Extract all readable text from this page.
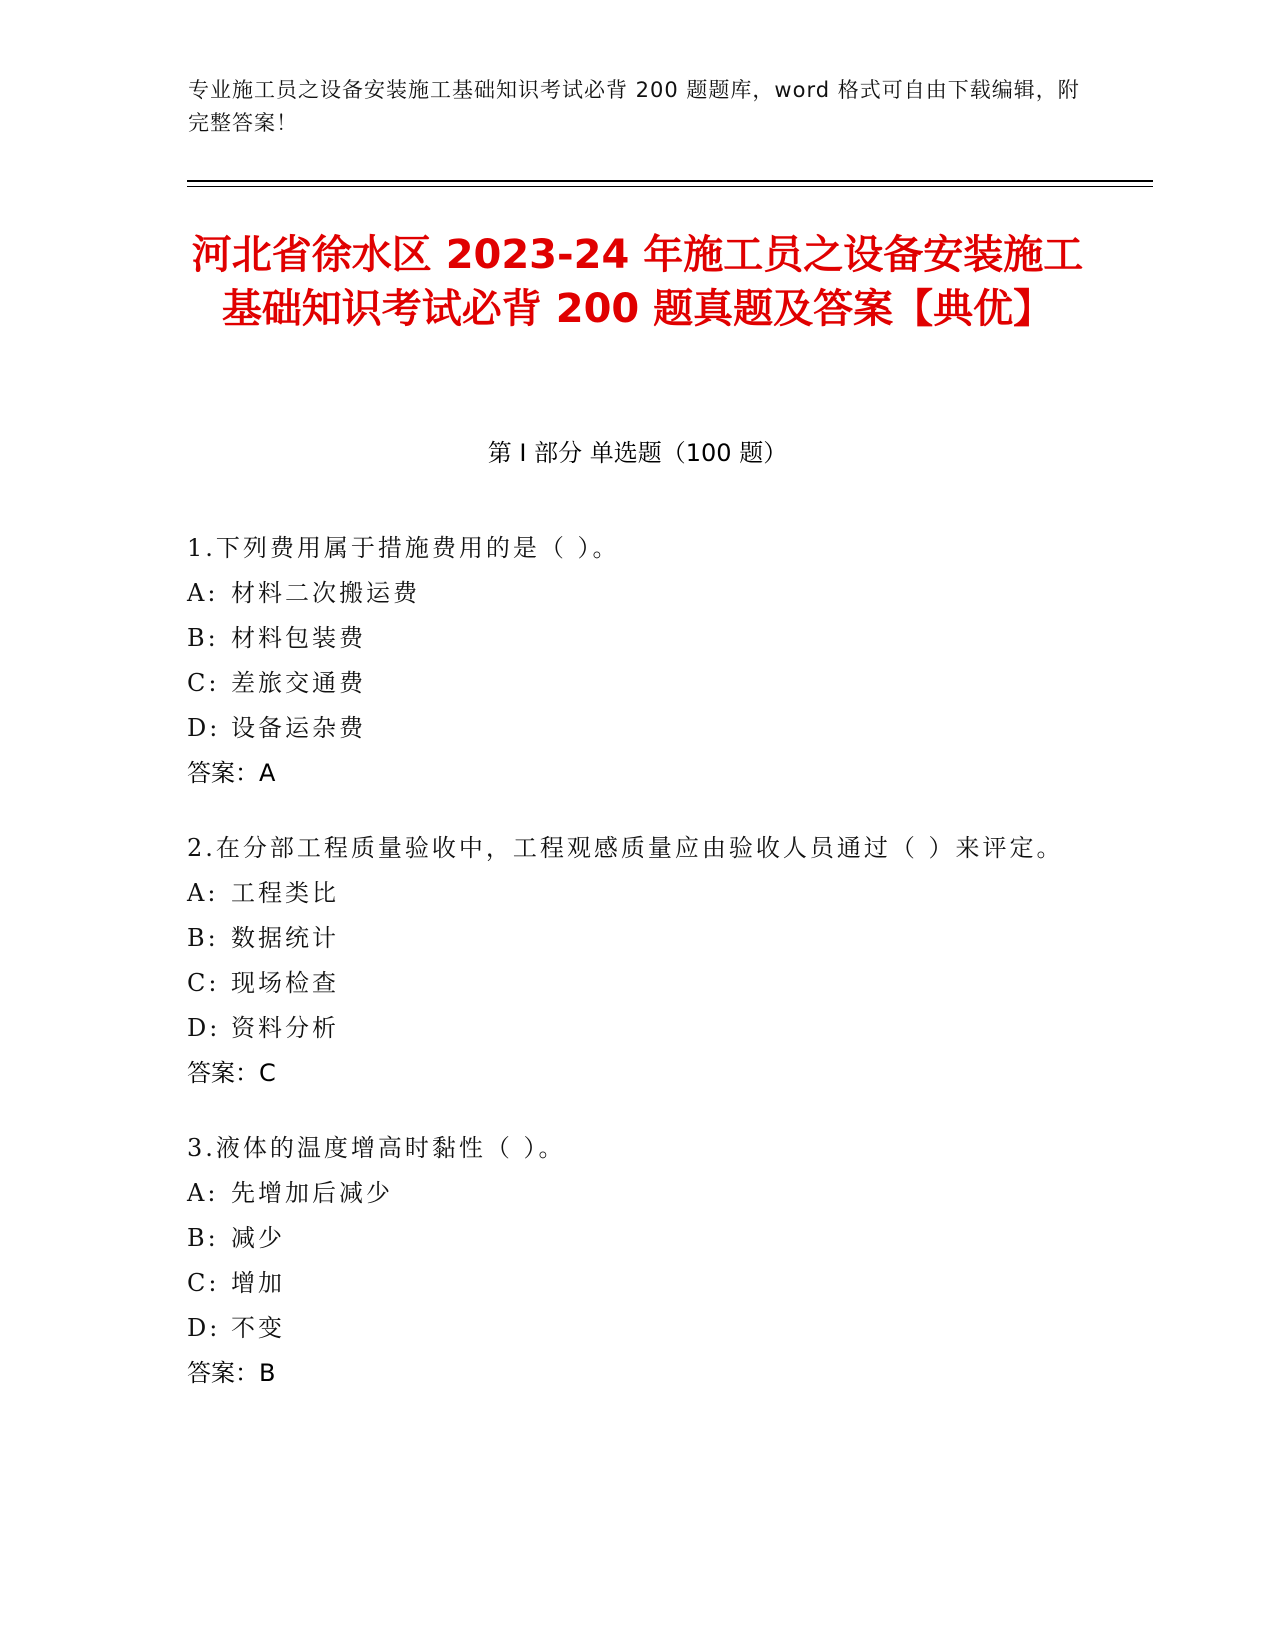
专业施工员之设备安装施工基础知识考试必背 200 题题库，word 格式可自由下载编辑，附完整答案！
河北省徐水区 2023-24 年施工员之设备安装施工基础知识考试必背 200 题真题及答案【典优】
第 I 部分 单选题（100 题）
1.下列费用属于措施费用的是（ ）。
A: 材料二次搬运费
B: 材料包装费
C: 差旅交通费
D: 设备运杂费
答案：A
2.在分部工程质量验收中，工程观感质量应由验收人员通过（ ）来评定。
A: 工程类比
B: 数据统计
C: 现场检查
D: 资料分析
答案：C
3.液体的温度增高时黏性（ ）。
A: 先增加后减少
B: 减少
C: 增加
D: 不变
答案：B
